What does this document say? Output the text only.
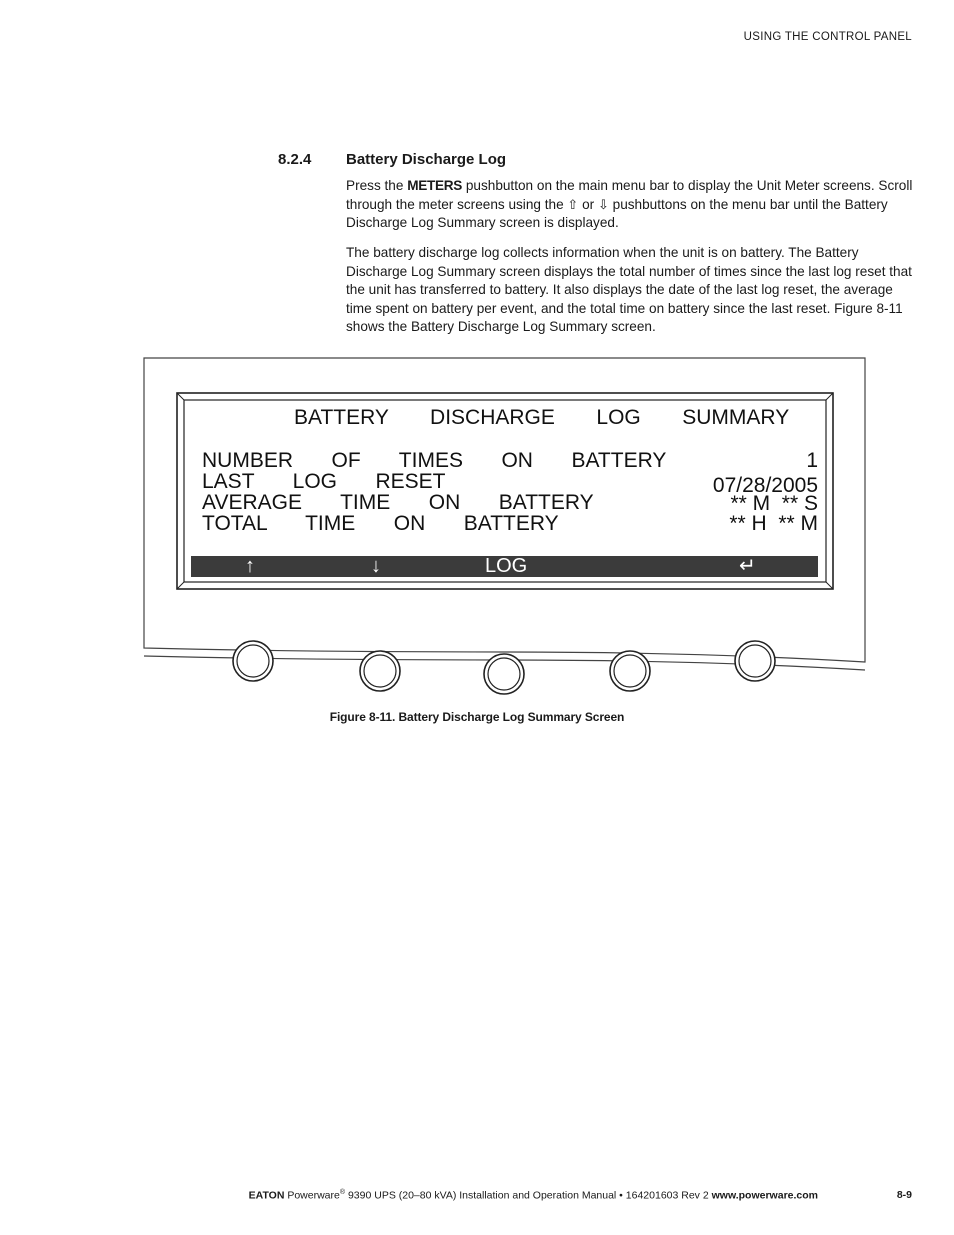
USING THE CONTROL PANEL
8.2.4 Battery Discharge Log
Press the METERS pushbutton on the main menu bar to display the Unit Meter screens. Scroll through the meter screens using the ⇧ or ⇩ pushbuttons on the menu bar until the Battery Discharge Log Summary screen is displayed.
The battery discharge log collects information when the unit is on battery. The Battery Discharge Log Summary screen displays the total number of times since the last log reset that the unit has transferred to battery. It also displays the date of the last log reset, the average time spent on battery per event, and the total time on battery since the last reset. Figure 8-11 shows the Battery Discharge Log Summary screen.
BATTERY   DISCHARGE   LOG   SUMMARY
NUMBER   OF   TIMES   ON   BATTERY	1
LAST   LOG   RESET	07/28/2005
AVERAGE   TIME   ON   BATTERY	** M  ** S
TOTAL   TIME   ON   BATTERY	** H  ** M
↑	↓	LOG	↵
Figure 8-11. Battery Discharge Log Summary Screen
EATON Powerware® 9390 UPS (20–80 kVA) Installation and Operation Manual • 164201603 Rev 2 www.powerware.com	8-9
